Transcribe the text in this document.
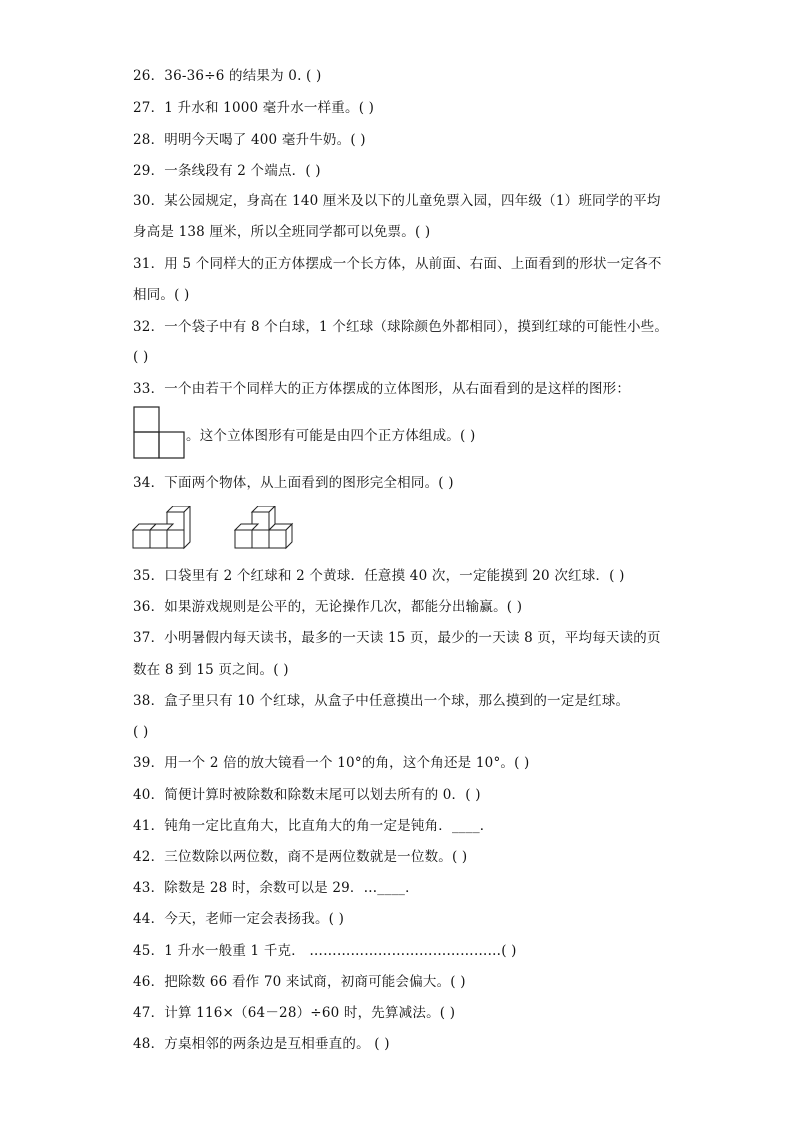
26．36-36÷6 的结果为 0. ( )
27．1 升水和 1000 毫升水一样重。( )
28．明明今天喝了 400 毫升牛奶。( )
29．一条线段有 2 个端点．( )
30．某公园规定，身高在 140 厘米及以下的儿童免票入园，四年级（1）班同学的平均
身高是 138 厘米，所以全班同学都可以免票。( )
31．用 5 个同样大的正方体摆成一个长方体，从前面、右面、上面看到的形状一定各不
相同。( )
32．一个袋子中有 8 个白球，1 个红球（球除颜色外都相同），摸到红球的可能性小些。
( )
33．一个由若干个同样大的正方体摆成的立体图形，从右面看到的是这样的图形：
。这个立体图形有可能是由四个正方体组成。( )
34．下面两个物体，从上面看到的图形完全相同。( )
35．口袋里有 2 个红球和 2 个黄球．任意摸 40 次，一定能摸到 20 次红球．( )
36．如果游戏规则是公平的，无论操作几次，都能分出输赢。( )
37．小明暑假内每天读书，最多的一天读 15 页，最少的一天读 8 页，平均每天读的页
数在 8 到 15 页之间。( )
38．盒子里只有 10 个红球，从盒子中任意摸出一个球，那么摸到的一定是红球。
( )
39．用一个 2 倍的放大镜看一个 10°的角，这个角还是 10°。( )
40．简便计算时被除数和除数末尾可以划去所有的 0．( )
41．钝角一定比直角大，比直角大的角一定是钝角．____．
42．三位数除以两位数，商不是两位数就是一位数。( )
43．除数是 28 时，余数可以是 29．…____．
44．今天，老师一定会表扬我。( )
45．1 升水一般重 1 千克． ……………………………………( )
46．把除数 66 看作 70 来试商，初商可能会偏大。( )
47．计算 116×（64－28）÷60 时，先算减法。( )
48．方桌相邻的两条边是互相垂直的。 ( )
